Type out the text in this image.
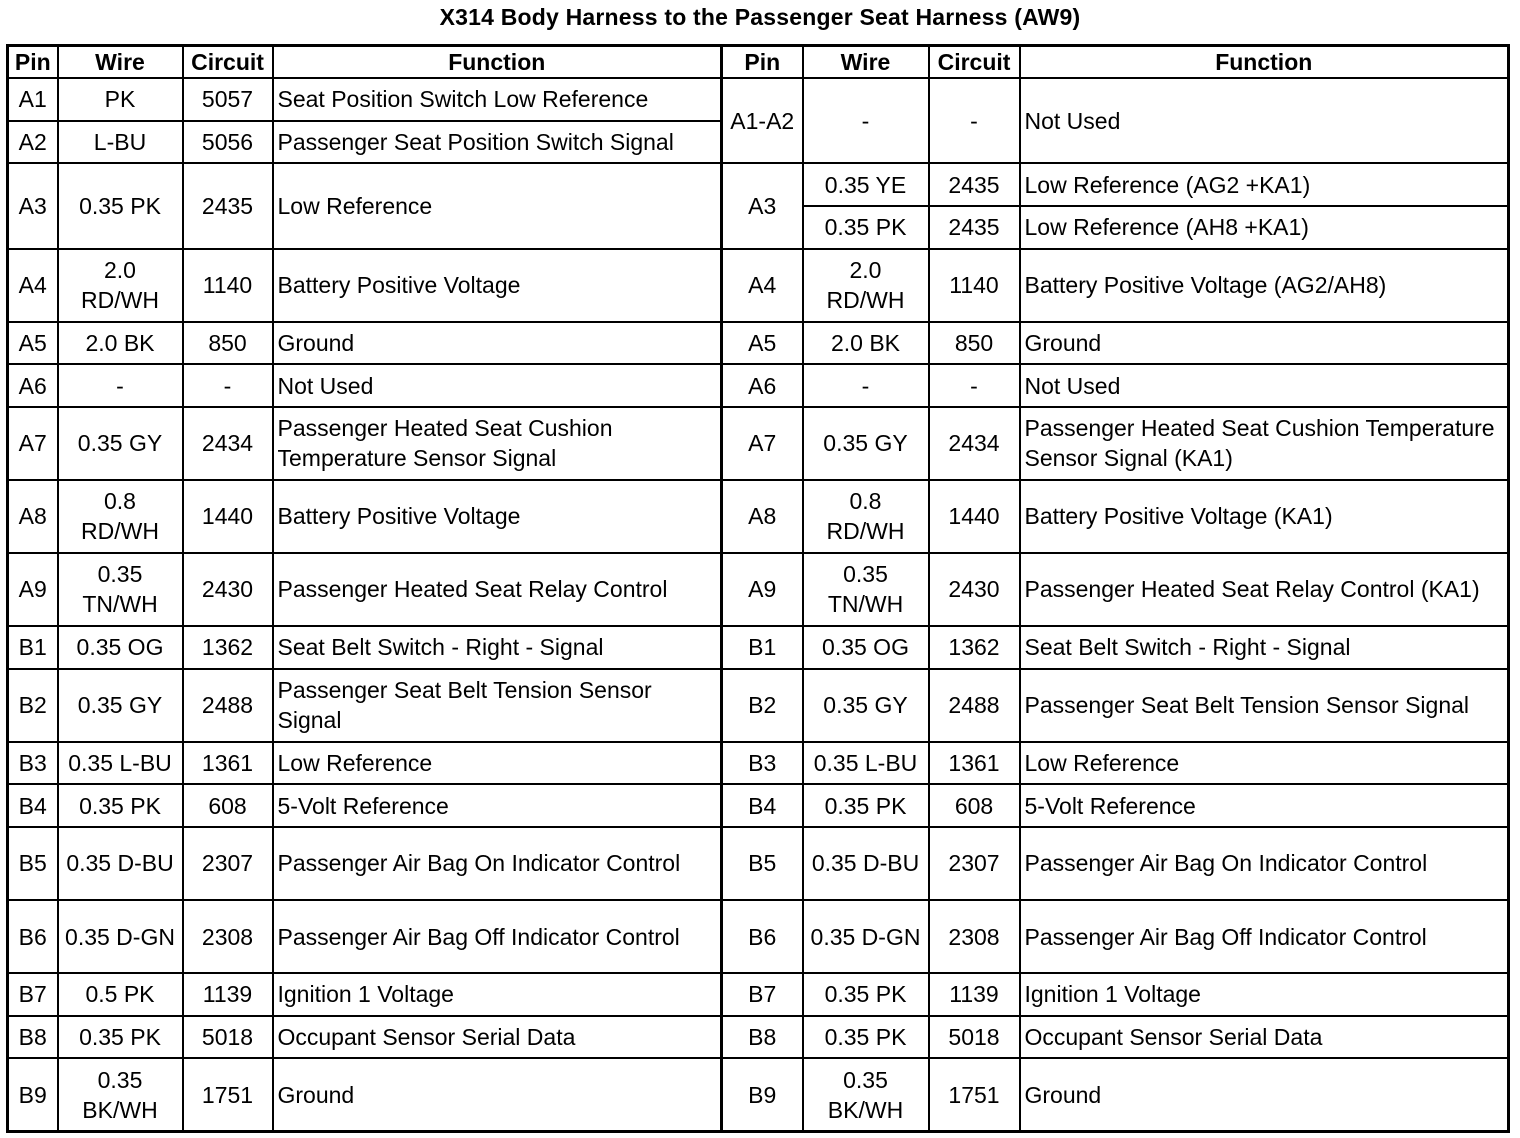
X314 Body Harness to the Passenger Seat Harness (AW9)
Pin	Wire	Circuit	Function	Pin	Wire	Circuit	Function
A1	PK	5057	Seat Position Switch Low Reference	A1-A2	-	-	Not Used
A2	L-BU	5056	Passenger Seat Position Switch Signal				
A3	0.35 PK	2435	Low Reference	A3	0.35 YE	2435	Low Reference (AG2 +KA1)
					0.35 PK	2435	Low Reference (AH8 +KA1)
A4	2.0 RD/WH	1140	Battery Positive Voltage	A4	2.0 RD/WH	1140	Battery Positive Voltage (AG2/AH8)
A5	2.0 BK	850	Ground	A5	2.0 BK	850	Ground
A6	-	-	Not Used	A6	-	-	Not Used
A7	0.35 GY	2434	Passenger Heated Seat Cushion Temperature Sensor Signal	A7	0.35 GY	2434	Passenger Heated Seat Cushion Temperature Sensor Signal (KA1)
A8	0.8 RD/WH	1440	Battery Positive Voltage	A8	0.8 RD/WH	1440	Battery Positive Voltage (KA1)
A9	0.35 TN/WH	2430	Passenger Heated Seat Relay Control	A9	0.35 TN/WH	2430	Passenger Heated Seat Relay Control (KA1)
B1	0.35 OG	1362	Seat Belt Switch - Right - Signal	B1	0.35 OG	1362	Seat Belt Switch - Right - Signal
B2	0.35 GY	2488	Passenger Seat Belt Tension Sensor Signal	B2	0.35 GY	2488	Passenger Seat Belt Tension Sensor Signal
B3	0.35 L-BU	1361	Low Reference	B3	0.35 L-BU	1361	Low Reference
B4	0.35 PK	608	5-Volt Reference	B4	0.35 PK	608	5-Volt Reference
B5	0.35 D-BU	2307	Passenger Air Bag On Indicator Control	B5	0.35 D-BU	2307	Passenger Air Bag On Indicator Control
B6	0.35 D-GN	2308	Passenger Air Bag Off Indicator Control	B6	0.35 D-GN	2308	Passenger Air Bag Off Indicator Control
B7	0.5 PK	1139	Ignition 1 Voltage	B7	0.35 PK	1139	Ignition 1 Voltage
B8	0.35 PK	5018	Occupant Sensor Serial Data	B8	0.35 PK	5018	Occupant Sensor Serial Data
B9	0.35 BK/WH	1751	Ground	B9	0.35 BK/WH	1751	Ground
